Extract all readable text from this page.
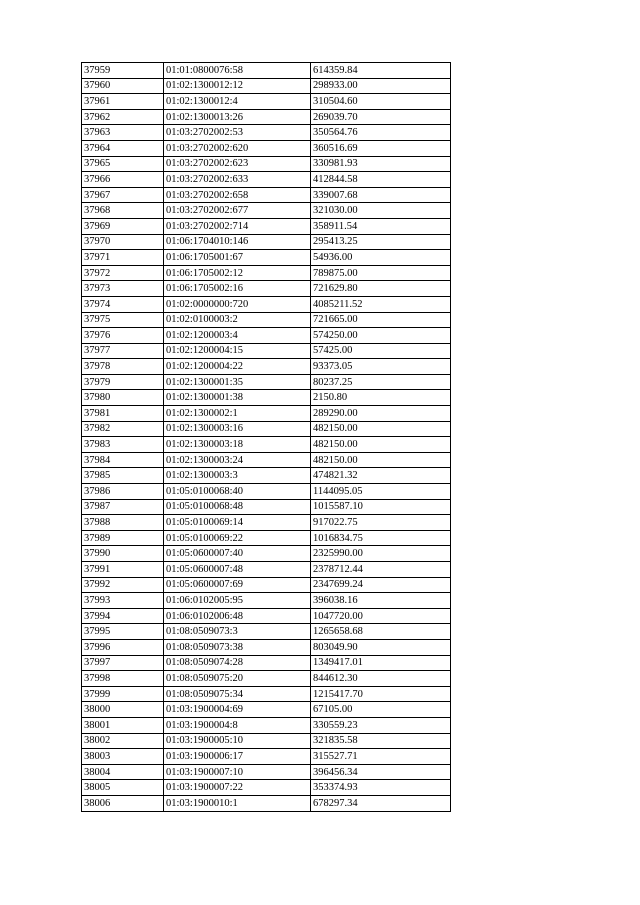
37959	01:01:0800076:58	614359.84
37960	01:02:1300012:12	298933.00
37961	01:02:1300012:4	310504.60
37962	01:02:1300013:26	269039.70
37963	01:03:2702002:53	350564.76
37964	01:03:2702002:620	360516.69
37965	01:03:2702002:623	330981.93
37966	01:03:2702002:633	412844.58
37967	01:03:2702002:658	339007.68
37968	01:03:2702002:677	321030.00
37969	01:03:2702002:714	358911.54
37970	01:06:1704010:146	295413.25
37971	01:06:1705001:67	54936.00
37972	01:06:1705002:12	789875.00
37973	01:06:1705002:16	721629.80
37974	01:02:0000000:720	4085211.52
37975	01:02:0100003:2	721665.00
37976	01:02:1200003:4	574250.00
37977	01:02:1200004:15	57425.00
37978	01:02:1200004:22	93373.05
37979	01:02:1300001:35	80237.25
37980	01:02:1300001:38	2150.80
37981	01:02:1300002:1	289290.00
37982	01:02:1300003:16	482150.00
37983	01:02:1300003:18	482150.00
37984	01:02:1300003:24	482150.00
37985	01:02:1300003:3	474821.32
37986	01:05:0100068:40	1144095.05
37987	01:05:0100068:48	1015587.10
37988	01:05:0100069:14	917022.75
37989	01:05:0100069:22	1016834.75
37990	01:05:0600007:40	2325990.00
37991	01:05:0600007:48	2378712.44
37992	01:05:0600007:69	2347699.24
37993	01:06:0102005:95	396038.16
37994	01:06:0102006:48	1047720.00
37995	01:08:0509073:3	1265658.68
37996	01:08:0509073:38	803049.90
37997	01:08:0509074:28	1349417.01
37998	01:08:0509075:20	844612.30
37999	01:08:0509075:34	1215417.70
38000	01:03:1900004:69	67105.00
38001	01:03:1900004:8	330559.23
38002	01:03:1900005:10	321835.58
38003	01:03:1900006:17	315527.71
38004	01:03:1900007:10	396456.34
38005	01:03:1900007:22	353374.93
38006	01:03:1900010:1	678297.34
